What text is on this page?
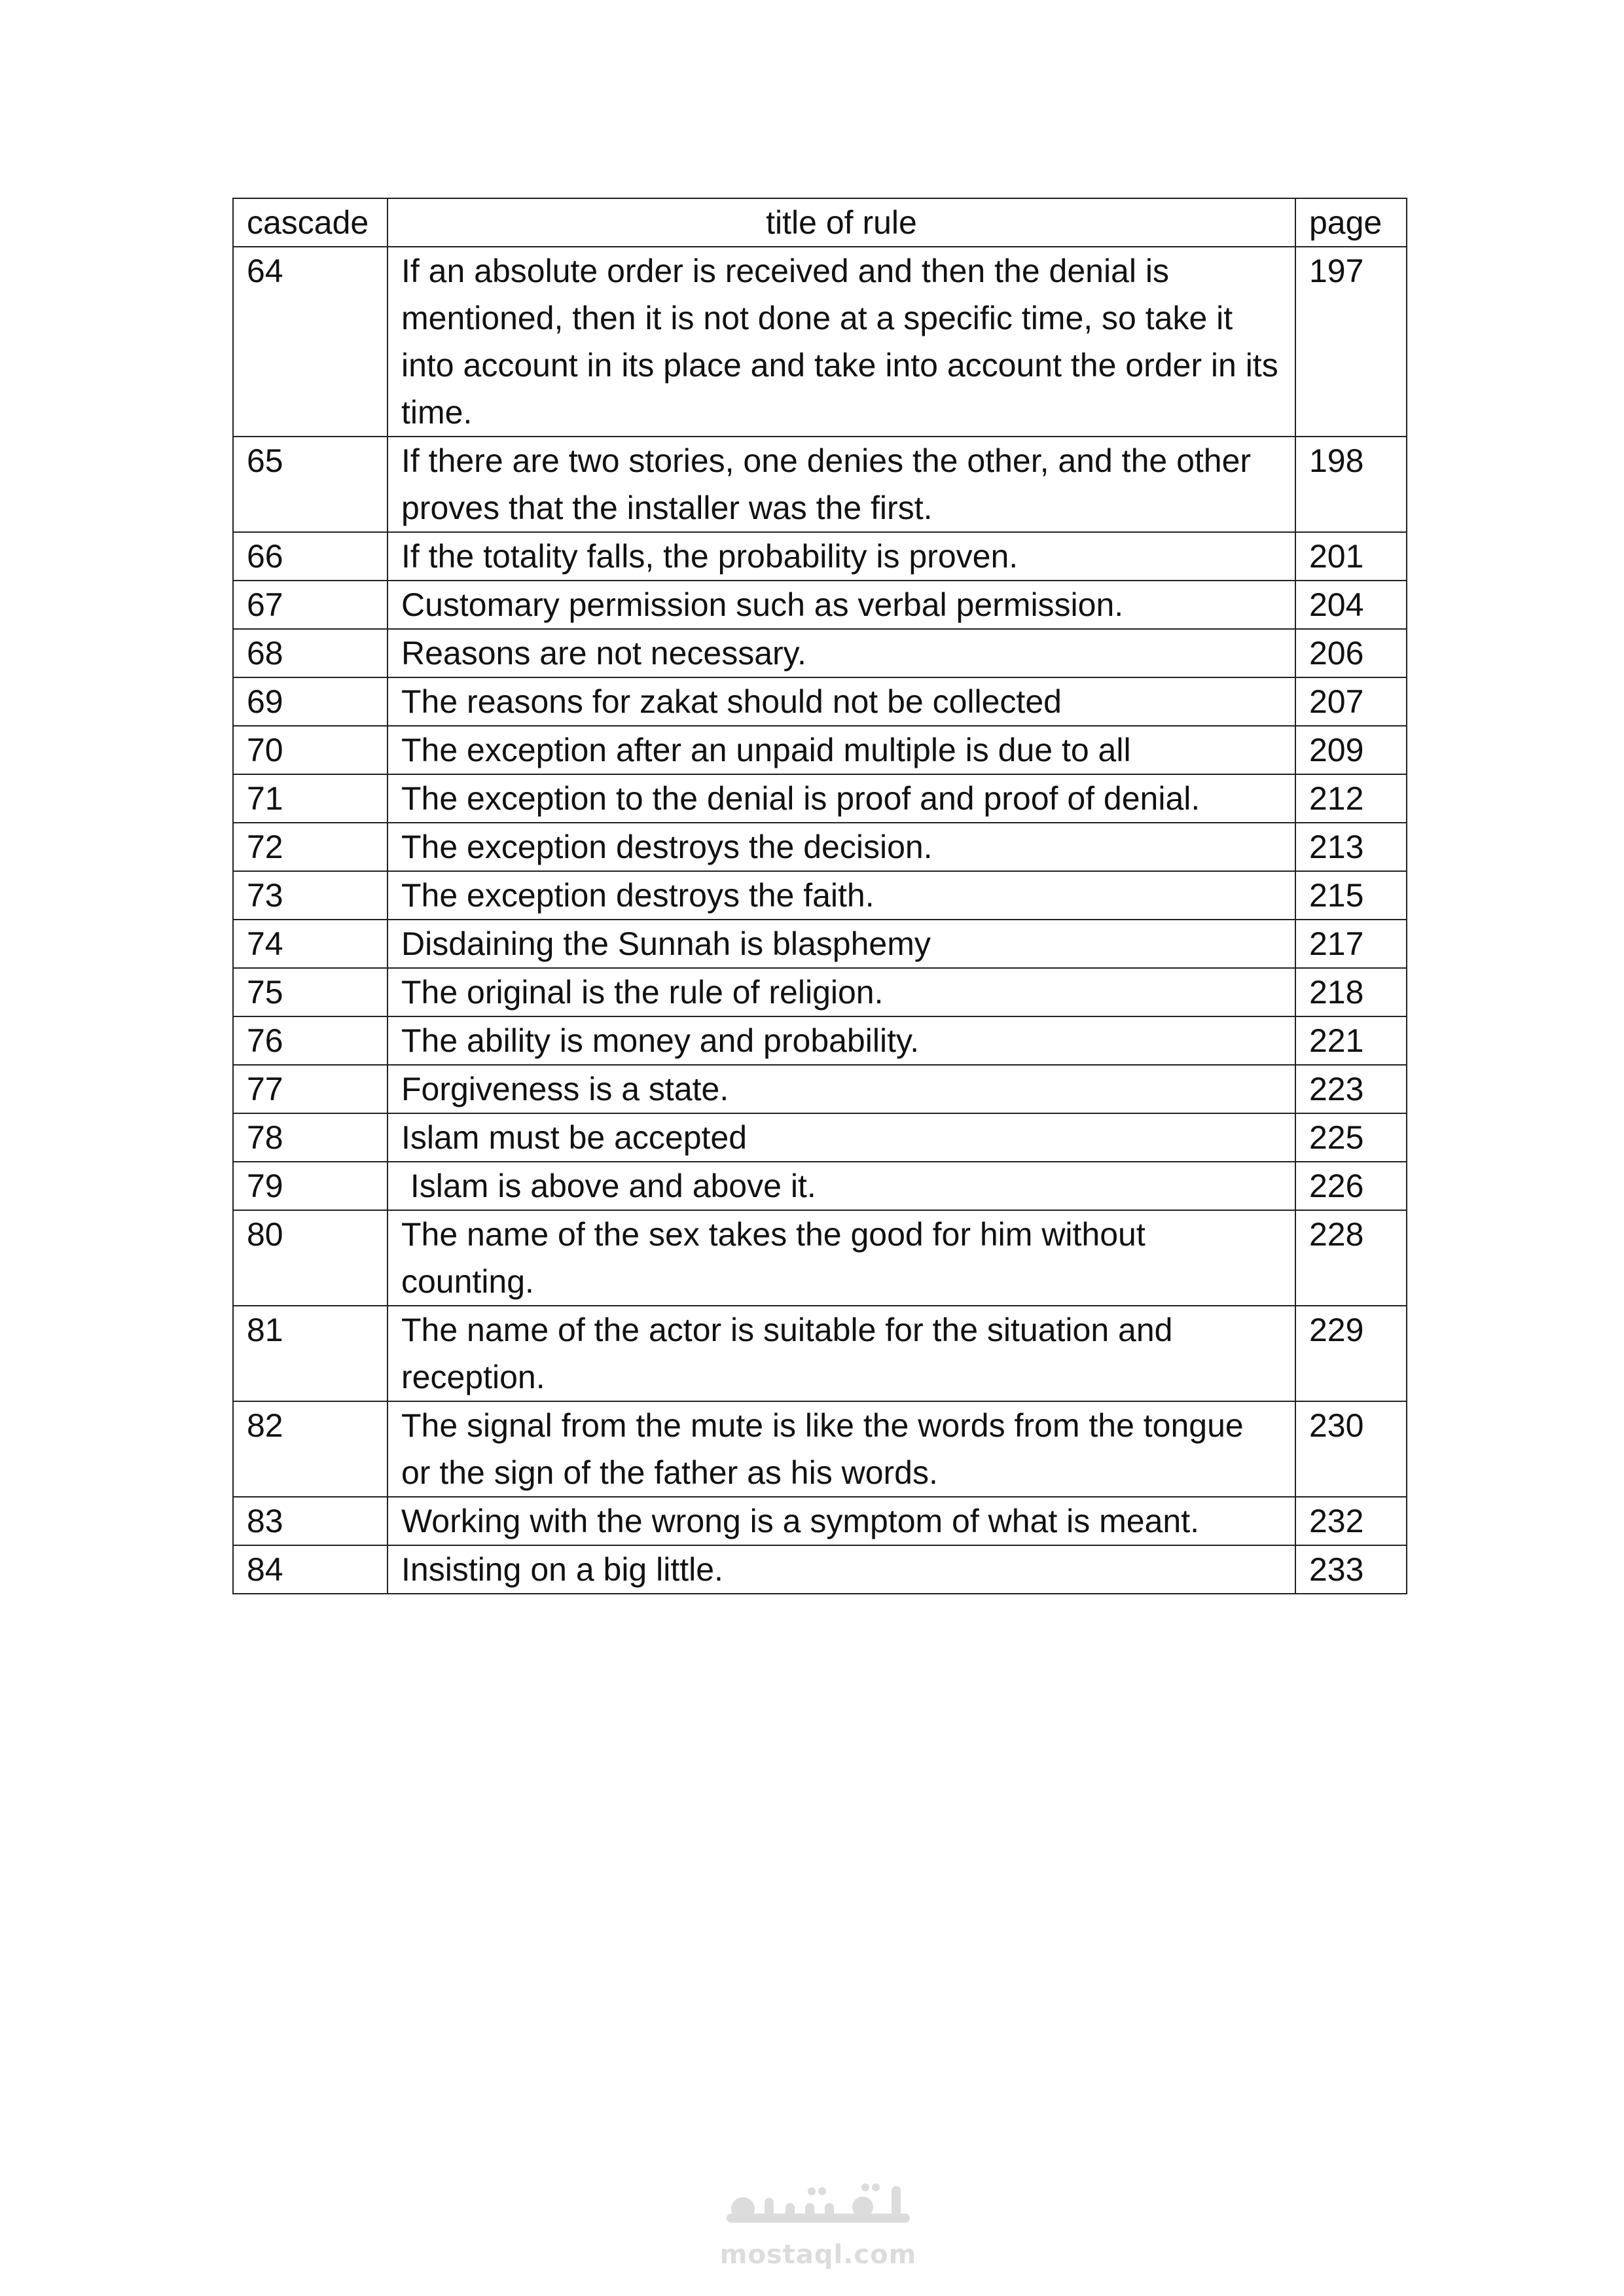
cascade	title of rule	page
64	If an absolute order is received and then the denial is mentioned, then it is not done at a specific time, so take it into account in its place and take into account the order in its time.	197
65	If there are two stories, one denies the other, and the other proves that the installer was the first.	198
66	If the totality falls, the probability is proven.	201
67	Customary permission such as verbal permission.	204
68	Reasons are not necessary.	206
69	The reasons for zakat should not be collected	207
70	The exception after an unpaid multiple is due to all	209
71	The exception to the denial is proof and proof of denial.	212
72	The exception destroys the decision.	213
73	The exception destroys the faith.	215
74	Disdaining the Sunnah is blasphemy	217
75	The original is the rule of religion.	218
76	The ability is money and probability.	221
77	Forgiveness is a state.	223
78	Islam must be accepted	225
79	Islam is above and above it.	226
80	The name of the sex takes the good for him without counting.	228
81	The name of the actor is suitable for the situation and reception.	229
82	The signal from the mute is like the words from the tongue or the sign of the father as his words.	230
83	Working with the wrong is a symptom of what is meant.	232
84	Insisting on a big little.	233
mostaql.com
